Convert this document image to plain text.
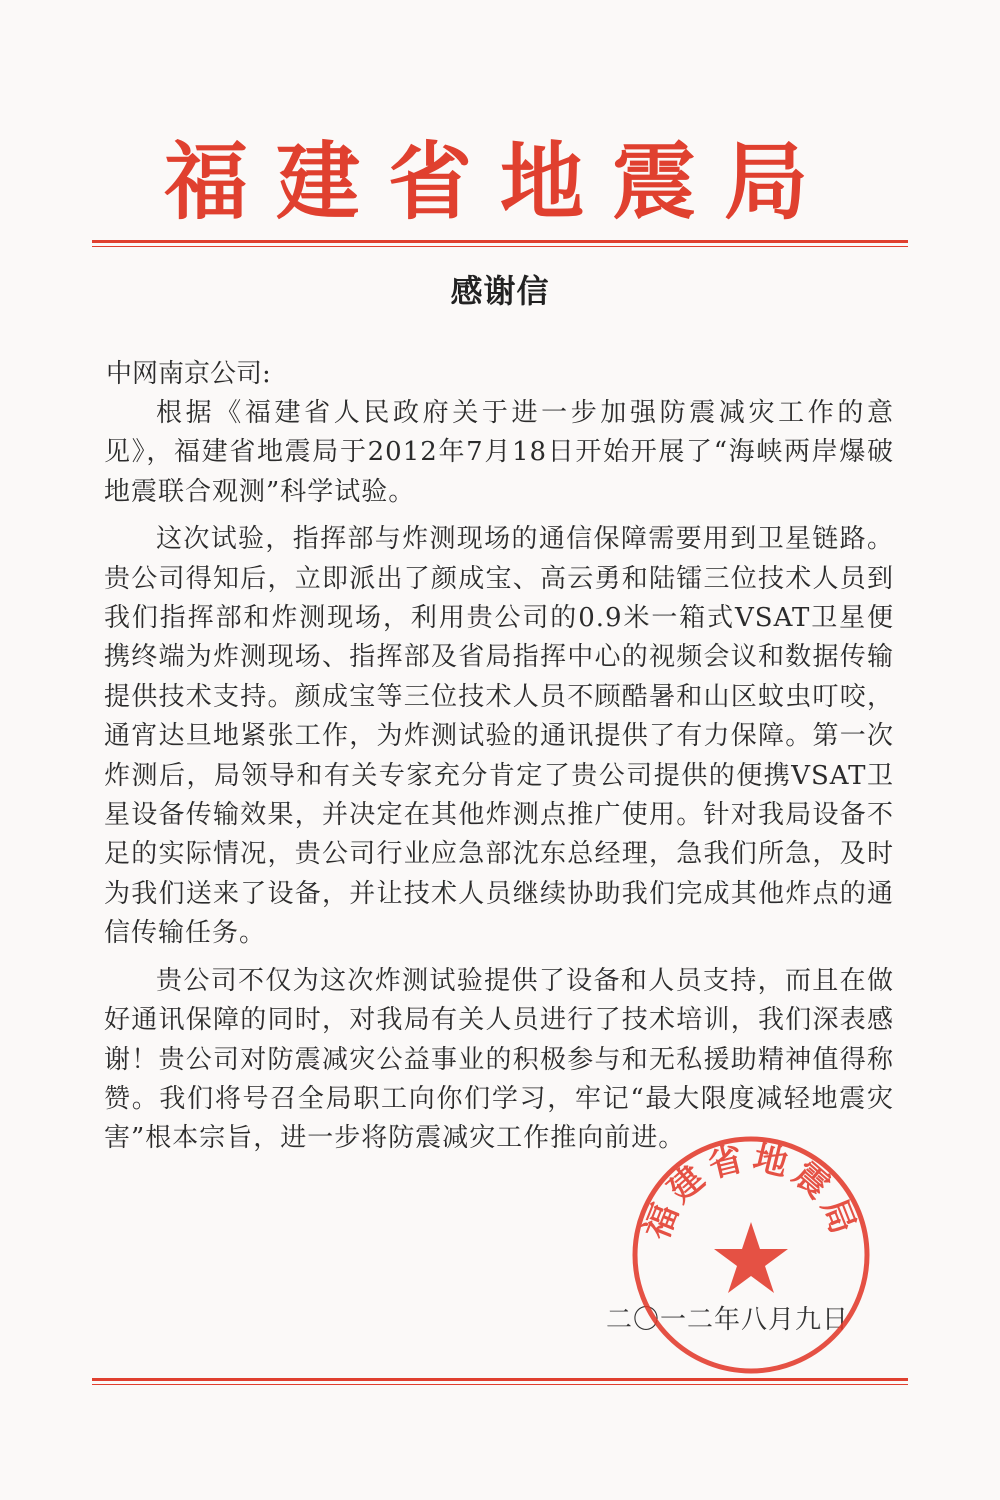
福建省地震局
感谢信
中网南京公司:

根据《福建省人民政府关于进一步加强防震减灾工作的意见》，福建省地震局于2012年7月18日开始开展了“海峡两岸爆破地震联合观测”科学试验。

这次试验，指挥部与炸测现场的通信保障需要用到卫星链路。贵公司得知后，立即派出了颜成宝、高云勇和陆镭三位技术人员到我们指挥部和炸测现场，利用贵公司的0.9米一箱式VSAT卫星便携终端为炸测现场、指挥部及省局指挥中心的视频会议和数据传输提供技术支持。颜成宝等三位技术人员不顾酷暑和山区蚊虫叮咬，通宵达旦地紧张工作，为炸测试验的通讯提供了有力保障。第一次炸测后，局领导和有关专家充分肯定了贵公司提供的便携VSAT卫星设备传输效果，并决定在其他炸测点推广使用。针对我局设备不足的实际情况，贵公司行业应急部沈东总经理，急我们所急，及时为我们送来了设备，并让技术人员继续协助我们完成其他炸点的通信传输任务。

贵公司不仅为这次炸测试验提供了设备和人员支持，而且在做好通讯保障的同时，对我局有关人员进行了技术培训，我们深表感谢！贵公司对防震减灾公益事业的积极参与和无私援助精神值得称赞。我们将号召全局职工向你们学习，牢记“最大限度减轻地震灾害”根本宗旨，进一步将防震减灾工作推向前进。

二〇一二年八月九日
福建省地震局
